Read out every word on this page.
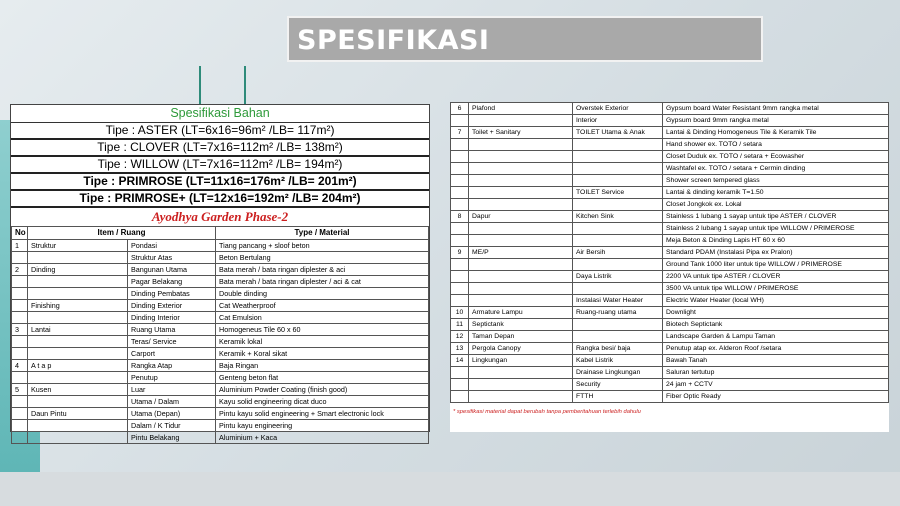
SPESIFIKASI
Spesifikasi Bahan
Tipe : ASTER (LT=6x16=96m² /LB= 117m²)
Tipe : CLOVER (LT=7x16=112m² /LB= 138m²)
Tipe : WILLOW (LT=7x16=112m² /LB= 194m²)
Tipe : PRIMROSE (LT=11x16=176m² /LB= 201m²)
Tipe : PRIMROSE+ (LT=12x16=192m² /LB= 204m²)
Ayodhya Garden Phase-2
No	Item / Ruang		Type / Material
1	Struktur	Pondasi	Tiang pancang + sloof beton
		Struktur Atas	Beton Bertulang
2	Dinding	Bangunan Utama	Bata merah / bata ringan diplester & aci
		Pagar Belakang	Bata merah / bata ringan diplester / aci & cat
		Dinding Pembatas	Double dinding
	Finishing	Dinding Exterior	Cat Weatherproof
		Dinding Interior	Cat Emulsion
3	Lantai	Ruang Utama	Homogeneus Tile 60 x 60
		Teras/ Service	Keramik lokal
		Carport	Keramik + Koral sikat
4	A t a p	Rangka Atap	Baja Ringan
		Penutup	Genteng beton flat
5	Kusen	Luar	Aluminium Powder Coating (finish good)
		Utama / Dalam	Kayu solid engineering dicat duco
	Daun Pintu	Utama (Depan)	Pintu kayu solid engineering + Smart electronic lock
		Dalam / K Tidur	Pintu kayu engineering
		Pintu Belakang	Aluminium + Kaca
6	Plafond	Overstek Exterior	Gypsum board Water Resistant 9mm rangka metal
		Interior	Gypsum board 9mm rangka metal
7	Toilet + Sanitary	TOILET Utama & Anak	Lantai & Dinding Homogeneus Tile & Keramik Tile
			Hand shower ex. TOTO / setara
			Closet Duduk ex. TOTO / setara + Ecowasher
			Washtafel ex. TOTO / setara + Cermin dinding
			Shower screen tempered glass
		TOILET Service	Lantai & dinding keramik T=1.50
			Closet Jongkok ex. Lokal
8	Dapur	Kitchen Sink	Stainless 1 lubang 1 sayap untuk tipe ASTER / CLOVER
			Stainless 2 lubang 1 sayap untuk tipe WILLOW / PRIMEROSE
			Meja Beton & Dinding Lapis HT 60 x 60
9	ME/P	Air Bersih	Standard PDAM (Instalasi Pipa ex Pralon)
			Ground Tank 1000 liter untuk tipe WILLOW / PRIMEROSE
		Daya Listrik	2200 VA untuk tipe ASTER / CLOVER
			3500 VA untuk tipe WILLOW / PRIMEROSE
		Instalasi Water Heater	Electric Water Heater (local WH)
10	Armature Lampu	Ruang-ruang utama	Downlight
11	Septictank		Biotech Septictank
12	Taman Depan		Landscape Garden & Lampu Taman
13	Pergola Canopy	Rangka besi/ baja	Penutup atap ex. Alderon Roof /setara
14	Lingkungan	Kabel Listrik	Bawah Tanah
		Drainase Lingkungan	Saluran tertutup
		Security	24 jam + CCTV
		FTTH	Fiber Optic Ready
* spesifikasi material dapat berubah tanpa pemberitahuan terlebih dahulu
